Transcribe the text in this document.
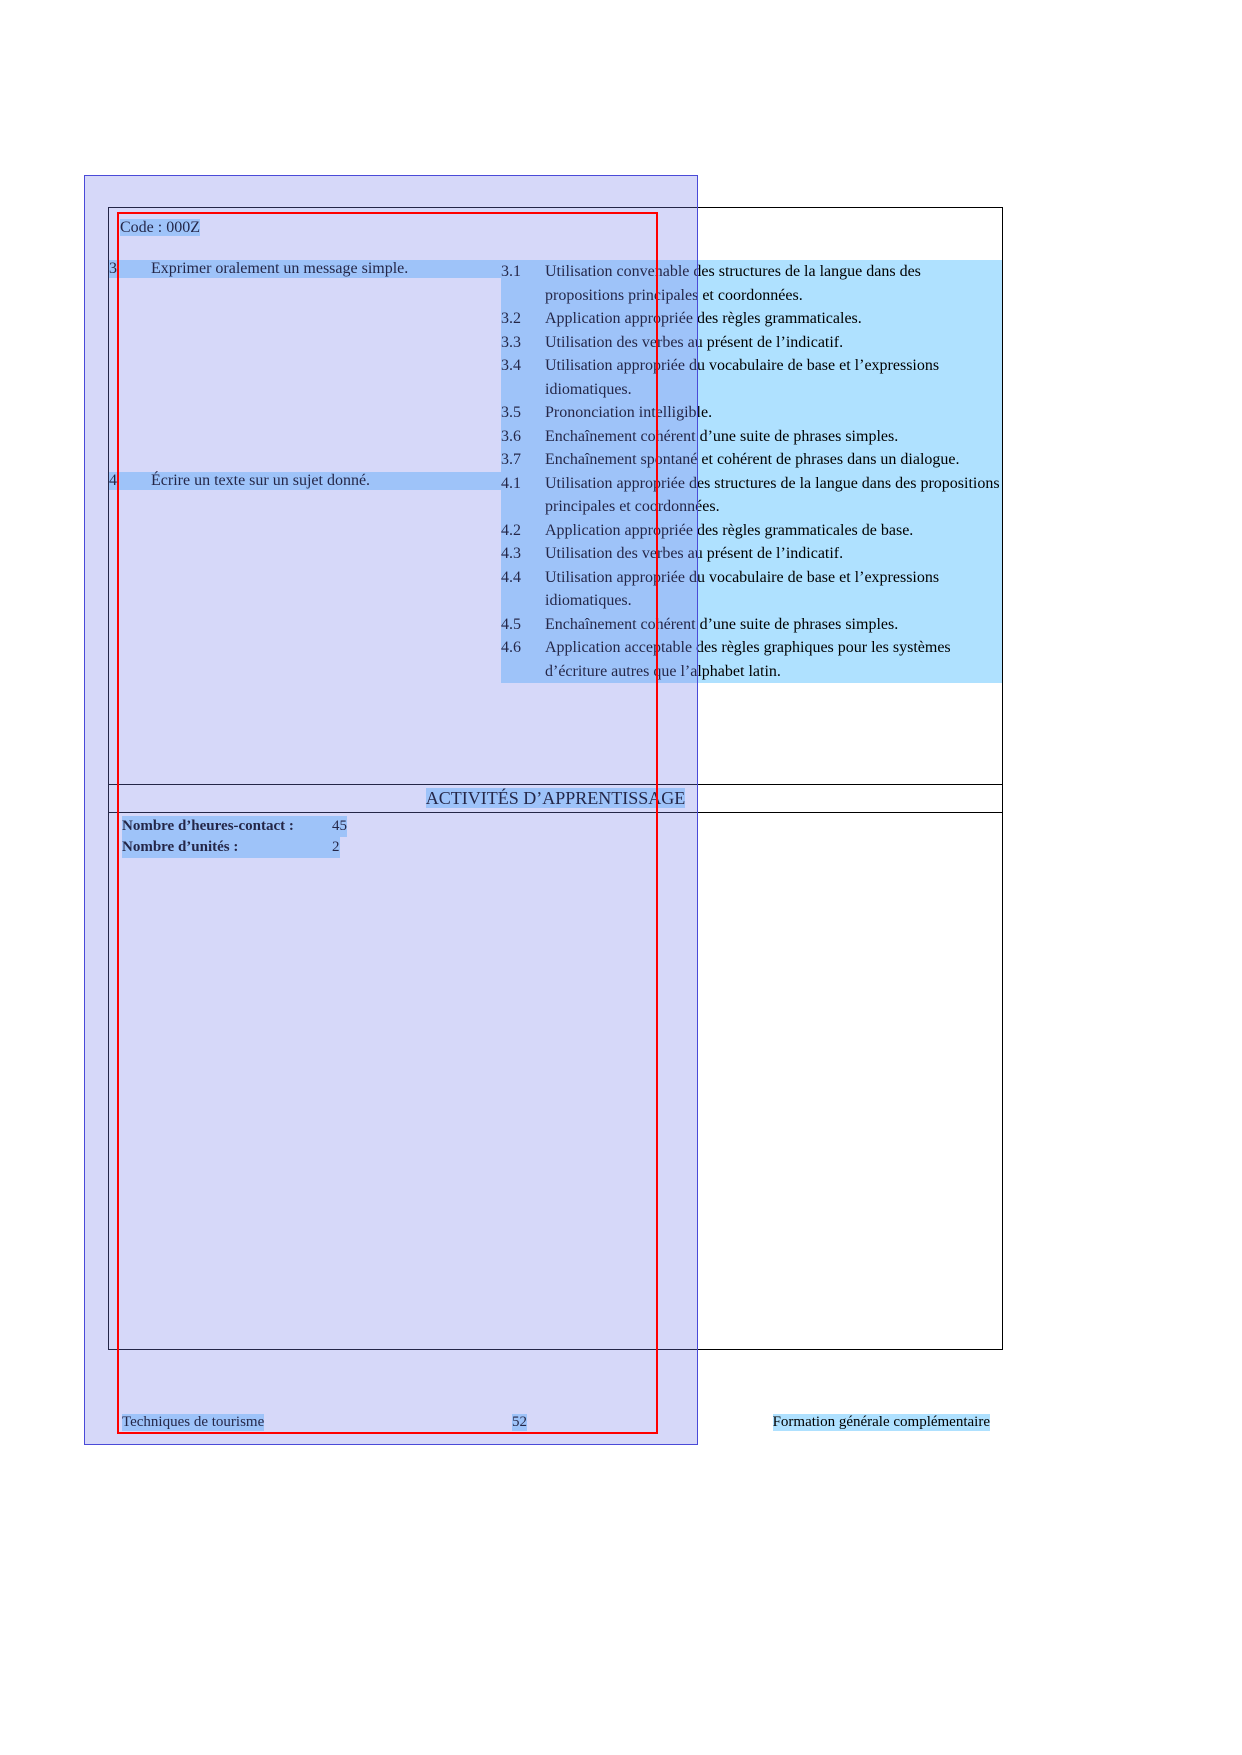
Code : 000Z
3	Exprimer oralement un message simple.	3.1	Utilisation convenable des structures de la langue dans des propositions principales et coordonnées.
3.2	Application appropriée des règles grammaticales.
3.3	Utilisation des verbes au présent de l’indicatif.
3.4	Utilisation appropriée du vocabulaire de base et l’expressions idiomatiques.
3.5	Prononciation intelligible.
3.6	Enchaînement cohérent d’une suite de phrases simples.
3.7	Enchaînement spontané et cohérent de phrases dans un dialogue.

4	Écrire un texte sur un sujet donné.	4.1	Utilisation appropriée des structures de la langue dans des propositions principales et coordonnées.
4.2	Application appropriée des règles grammaticales de base.
4.3	Utilisation des verbes au présent de l’indicatif.
4.4	Utilisation appropriée du vocabulaire de base et l’expressions idiomatiques.
4.5	Enchaînement cohérent d’une suite de phrases simples.
4.6	Application acceptable des règles graphiques pour les systèmes d’écriture autres que l’alphabet latin.
ACTIVITÉS D’APPRENTISSAGE
Nombre d’heures-contact :	45
Nombre d’unités :	2
Techniques de tourisme	52	Formation générale complémentaire
